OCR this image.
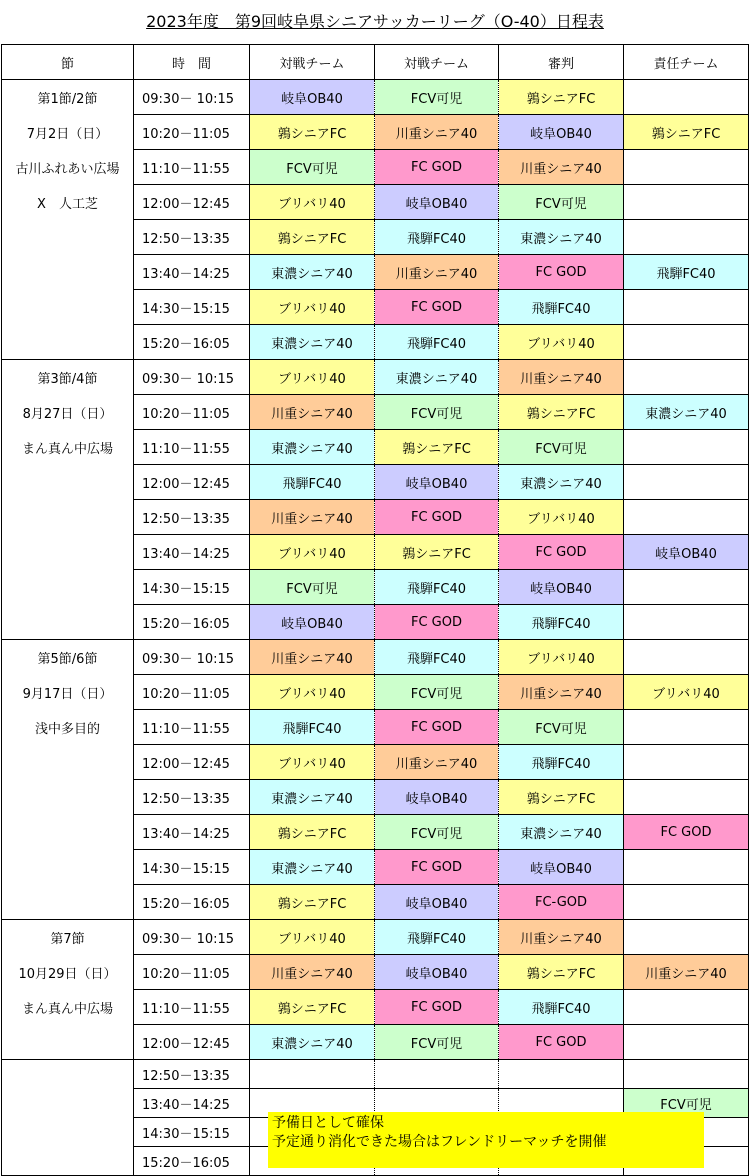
2023年度　第9回岐阜県シニアサッカーリーグ（O-40）日程表
節	時　間	対戦チーム	対戦チーム	審判	責任チーム
第1節/2節	09:30－ 10:15	岐阜OB40	FCV可児	鶉シニアFC	
7月2日（日）	10:20－11:05	鶉シニアFC	川重シニア40	岐阜OB40	鶉シニアFC
古川ふれあい広場	11:10－11:55	FCV可児	FC GOD	川重シニア40	
X　人工芝	12:00－12:45	ブリバリ40	岐阜OB40	FCV可児	
	12:50－13:35	鶉シニアFC	飛騨FC40	東濃シニア40	
	13:40－14:25	東濃シニア40	川重シニア40	FC GOD	飛騨FC40
	14:30－15:15	ブリバリ40	FC GOD	飛騨FC40	
	15:20－16:05	東濃シニア40	飛騨FC40	ブリバリ40	
第3節/4節	09:30－ 10:15	ブリバリ40	東濃シニア40	川重シニア40	
8月27日（日）	10:20－11:05	川重シニア40	FCV可児	鶉シニアFC	東濃シニア40
まん真ん中広場	11:10－11:55	東濃シニア40	鶉シニアFC	FCV可児	
	12:00－12:45	飛騨FC40	岐阜OB40	東濃シニア40	
	12:50－13:35	川重シニア40	FC GOD	ブリバリ40	
	13:40－14:25	ブリバリ40	鶉シニアFC	FC GOD	岐阜OB40
	14:30－15:15	FCV可児	飛騨FC40	岐阜OB40	
	15:20－16:05	岐阜OB40	FC GOD	飛騨FC40	
第5節/6節	09:30－ 10:15	川重シニア40	飛騨FC40	ブリバリ40	
9月17日（日）	10:20－11:05	ブリバリ40	FCV可児	川重シニア40	ブリバリ40
浅中多目的	11:10－11:55	飛騨FC40	FC GOD	FCV可児	
	12:00－12:45	ブリバリ40	川重シニア40	飛騨FC40	
	12:50－13:35	東濃シニア40	岐阜OB40	鶉シニアFC	
	13:40－14:25	鶉シニアFC	FCV可児	東濃シニア40	FC GOD
	14:30－15:15	東濃シニア40	FC GOD	岐阜OB40	
	15:20－16:05	鶉シニアFC	岐阜OB40	FC-GOD	
第7節	09:30－ 10:15	ブリバリ40	飛騨FC40	川重シニア40	
10月29日（日）	10:20－11:05	川重シニア40	岐阜OB40	鶉シニアFC	川重シニア40
まん真ん中広場	11:10－11:55	鶉シニアFC	FC GOD	飛騨FC40	
	12:00－12:45	東濃シニア40	FCV可児	FC GOD	
	12:50－13:35				
	13:40－14:25				FCV可児
	14:30－15:15				
	15:20－16:05				
予備日として確保
予定通り消化できた場合はフレンドリーマッチを開催
